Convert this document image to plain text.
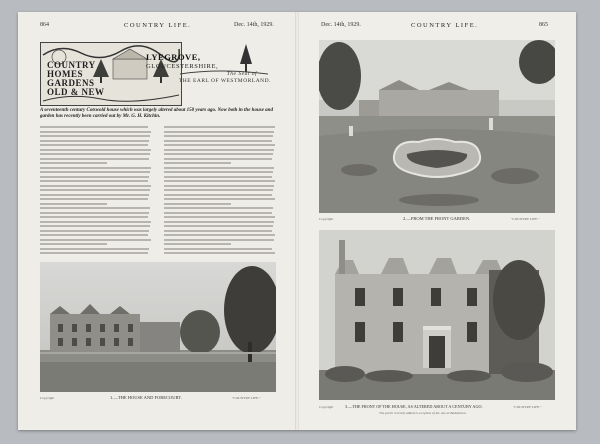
864	COUNTRY LIFE.	Dec. 14th, 1929.
COUNTRY
HOMES
GARDENS
OLD & NEW
LYEGROVE,
GLOUCESTERSHIRE,
The Seat of
THE EARL OF WESTMORLAND.
A seventeenth century Cotswold house which was largely altered about 150 years ago. Now both in the house and garden has recently been carried out by Mr. G. H. Kitchin.
Copyright	1.—THE HOUSE AND FORECOURT.	"COUNTRY LIFE."
Dec. 14th, 1929.	COUNTRY LIFE.	865
Copyright	2.—FROM THE FRONT GARDEN.	"COUNTRY LIFE."
Copyright	3.—THE FRONT OF THE HOUSE, AS ALTERED ABOUT A CENTURY AGO.	"COUNTRY LIFE."
The porch recently added is a replica of the one at Badminton.
